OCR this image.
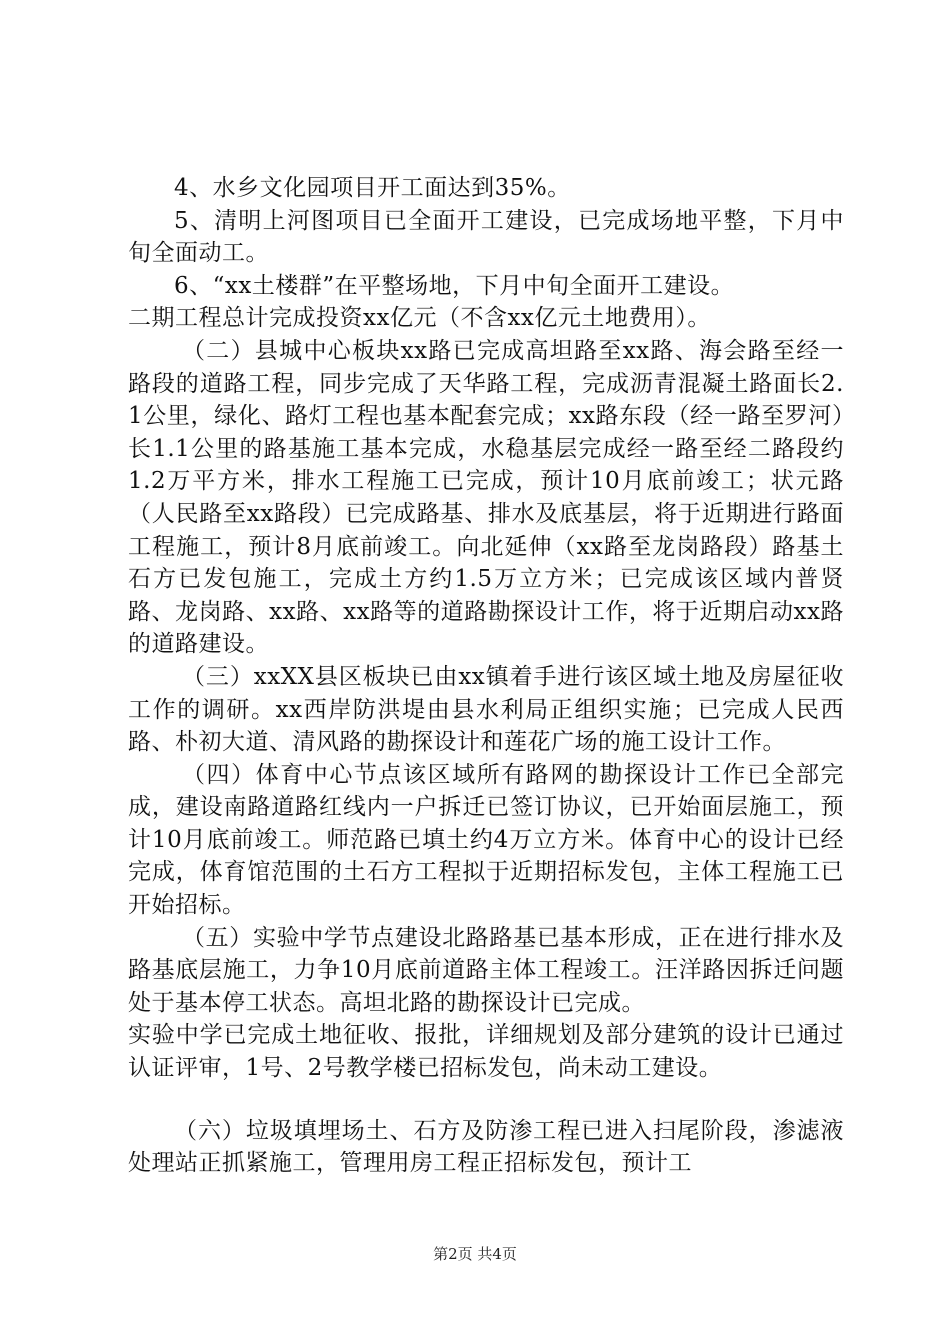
4、水乡文化园项目开工面达到35%。

5、清明上河图项目已全面开工建设，已完成场地平整，下月中旬全面动工。

6、“xx土楼群”在平整场地，下月中旬全面开工建设。

二期工程总计完成投资xx亿元（不含xx亿元土地费用）。

（二）县城中心板块xx路已完成高坦路至xx路、海会路至经一路段的道路工程，同步完成了天华路工程，完成沥青混凝土路面长2.1公里，绿化、路灯工程也基本配套完成；xx路东段（经一路至罗河）长1.1公里的路基施工基本完成，水稳基层完成经一路至经二路段约1.2万平方米，排水工程施工已完成，预计10月底前竣工；状元路（人民路至xx路段）已完成路基、排水及底基层，将于近期进行路面工程施工，预计8月底前竣工。向北延伸（xx路至龙岗路段）路基土石方已发包施工，完成土方约1.5万立方米；已完成该区域内普贤路、龙岗路、xx路、xx路等的道路勘探设计工作，将于近期启动xx路的道路建设。

（三）xxXX县区板块已由xx镇着手进行该区域土地及房屋征收工作的调研。xx西岸防洪堤由县水利局正组织实施；已完成人民西路、朴初大道、清风路的勘探设计和莲花广场的施工设计工作。

（四）体育中心节点该区域所有路网的勘探设计工作已全部完成，建设南路道路红线内一户拆迁已签订协议，已开始面层施工，预计10月底前竣工。师范路已填土约4万立方米。体育中心的设计已经完成，体育馆范围的土石方工程拟于近期招标发包，主体工程施工已开始招标。

（五）实验中学节点建设北路路基已基本形成，正在进行排水及路基底层施工，力争10月底前道路主体工程竣工。汪洋路因拆迁问题处于基本停工状态。高坦北路的勘探设计已完成。

实验中学已完成土地征收、报批，详细规划及部分建筑的设计已通过认证评审，1号、2号教学楼已招标发包，尚未动工建设。

（六）垃圾填埋场土、石方及防渗工程已进入扫尾阶段，渗滤液处理站正抓紧施工，管理用房工程正招标发包，预计工

第2页 共4页
